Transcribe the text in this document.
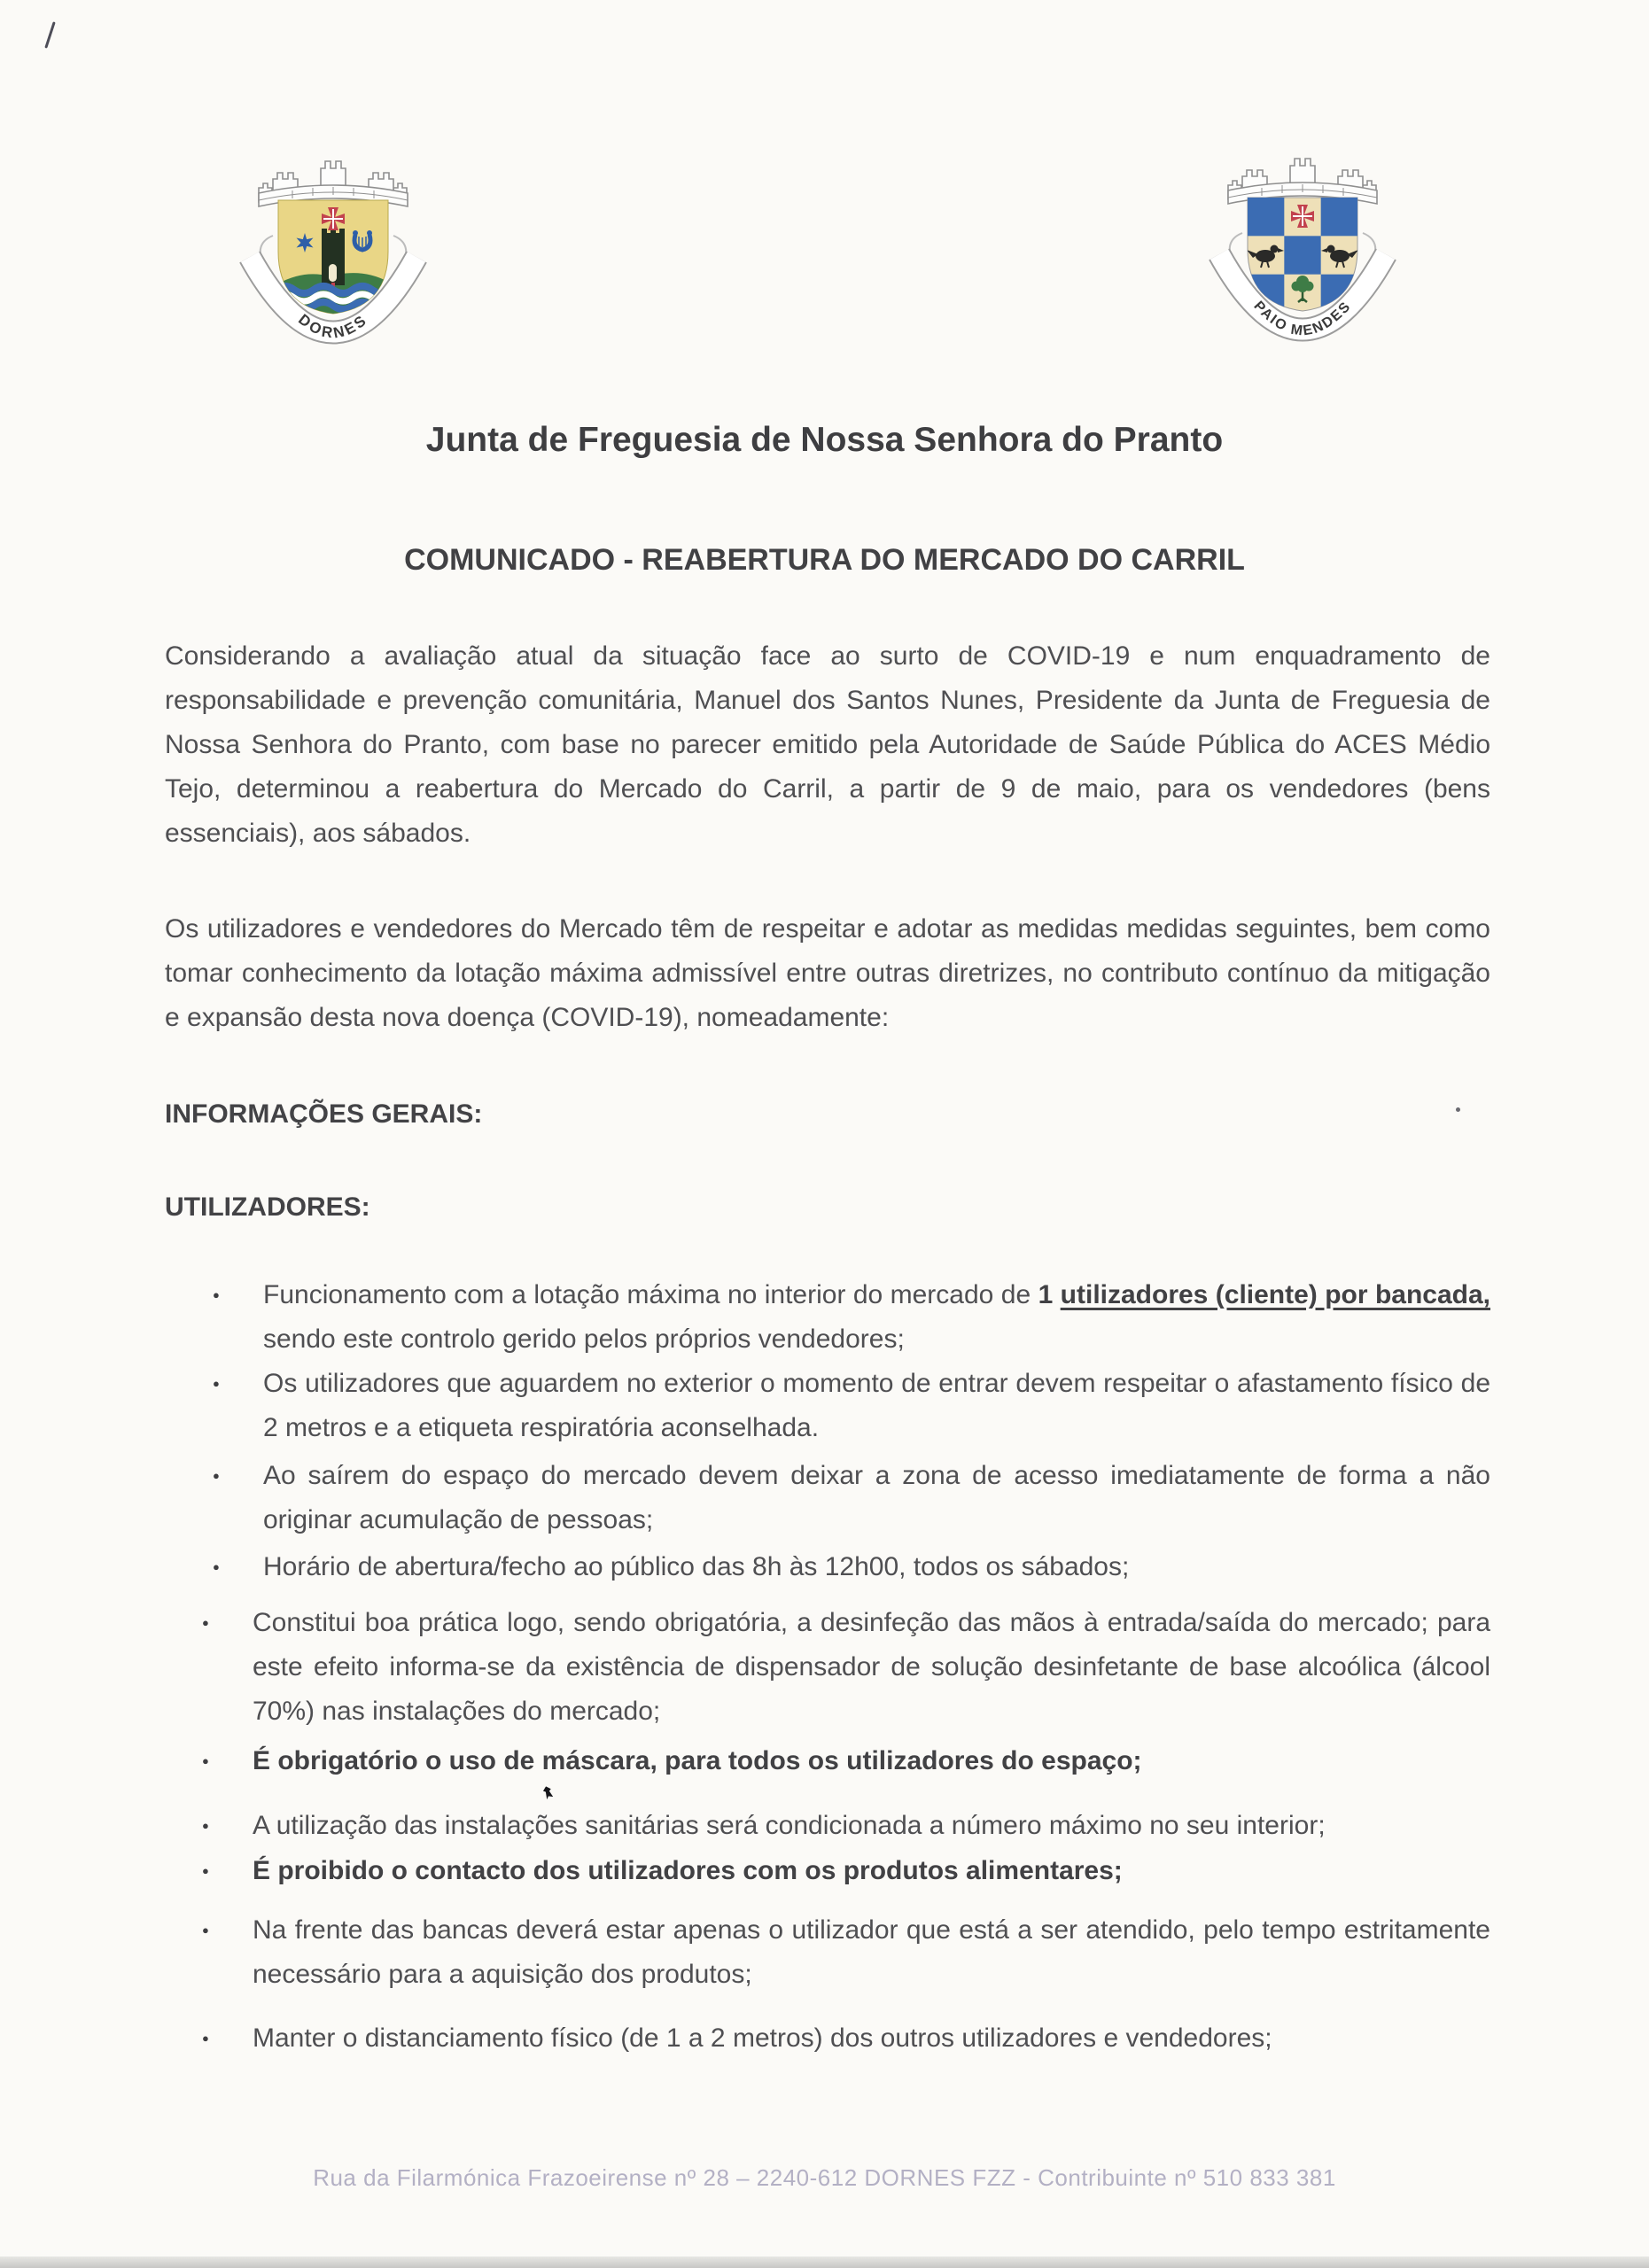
DORNES
PAIO MENDES
Junta de Freguesia de Nossa Senhora do Pranto
COMUNICADO - REABERTURA DO MERCADO DO CARRIL
Considerando a avaliação atual da situação face ao surto de COVID-19 e num enquadramento de responsabilidade e prevenção comunitária, Manuel dos Santos Nunes, Presidente da Junta de Freguesia de Nossa Senhora do Pranto, com base no parecer emitido pela Autoridade de Saúde Pública do ACES Médio Tejo, determinou a reabertura do Mercado do Carril, a partir de 9 de maio, para os vendedores (bens essenciais), aos sábados.
Os utilizadores e vendedores do Mercado têm de respeitar e adotar as medidas medidas seguintes, bem como tomar conhecimento da lotação máxima admissível entre outras diretrizes, no contributo contínuo da mitigação e expansão desta nova doença (COVID-19), nomeadamente:
INFORMAÇÕES GERAIS:
UTILIZADORES:
●	Funcionamento com a lotação máxima no interior do mercado de 1 utilizadores (cliente) por bancada, sendo este controlo gerido pelos próprios vendedores;
●	Os utilizadores que aguardem no exterior o momento de entrar devem respeitar o afastamento físico de 2 metros e a etiqueta respiratória aconselhada.
●	Ao saírem do espaço do mercado devem deixar a zona de acesso imediatamente de forma a não originar acumulação de pessoas;
●	Horário de abertura/fecho ao público das 8h às 12h00, todos os sábados;
●	Constitui boa prática logo, sendo obrigatória, a desinfeção das mãos à entrada/saída do mercado; para este efeito informa-se da existência de dispensador de solução desinfetante de base alcoólica (álcool 70%) nas instalações do mercado;
●	É obrigatório o uso de máscara, para todos os utilizadores do espaço;
●	A utilização das instalações sanitárias será condicionada a número máximo no seu interior;
●	É proibido o contacto dos utilizadores com os produtos alimentares;
●	Na frente das bancas deverá estar apenas o utilizador que está a ser atendido, pelo tempo estritamente necessário para a aquisição dos produtos;
●	Manter o distanciamento físico (de 1 a 2 metros) dos outros utilizadores e vendedores;
Rua da Filarmónica Frazoeirense nº 28 – 2240-612 DORNES FZZ - Contribuinte nº 510 833 381
